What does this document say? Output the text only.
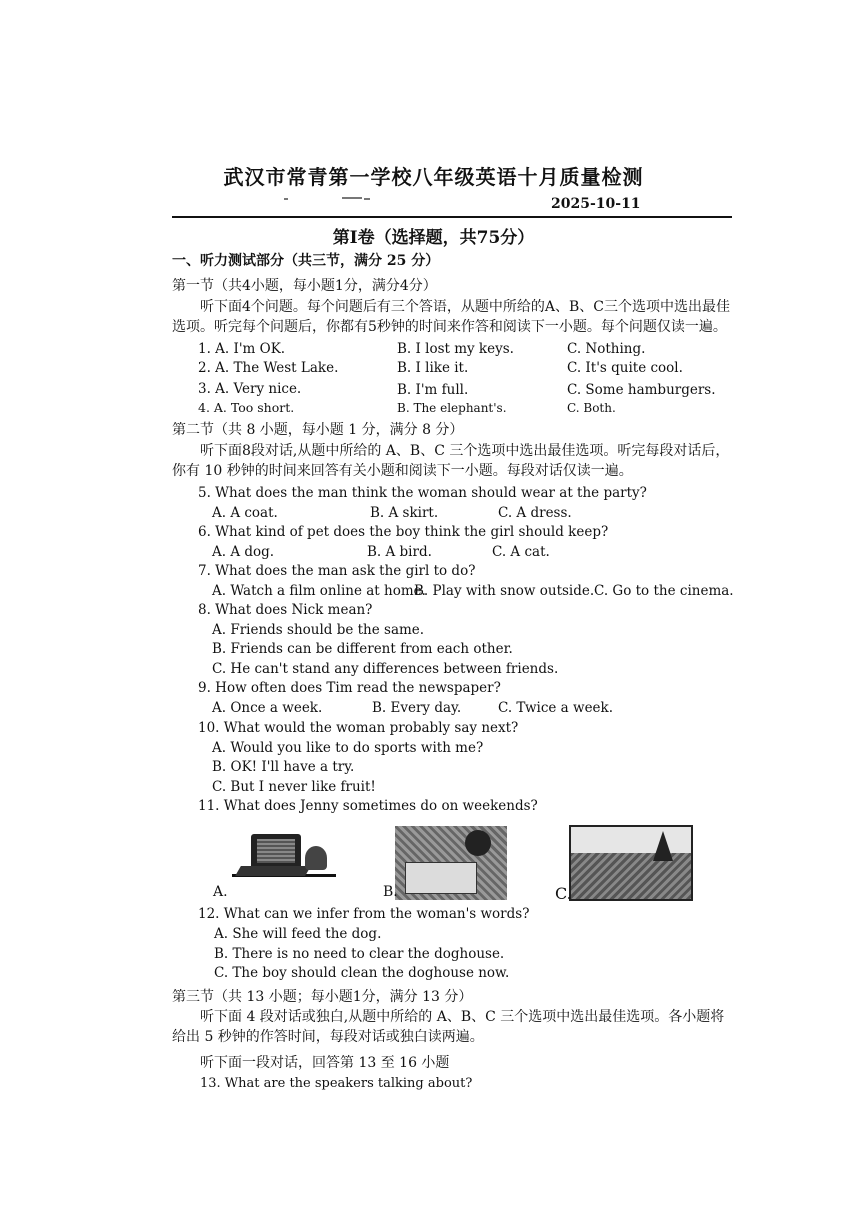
武汉市常青第一学校八年级英语十月质量检测
2025-10-11
第Ⅰ卷（选择题，共75分）
一、听力测试部分（共三节，满分 25 分）
第一节（共4小题，每小题1分，满分4分）
听下面4个问题。每个问题后有三个答语，从题中所给的A、B、C三个选项中选出最佳选项。听完每个问题后，你都有5秒钟的时间来作答和阅读下一小题。每个问题仅读一遍。
1. A. I'm OK.	B. I lost my keys.	C. Nothing.
2. A. The West Lake.	B. I like it.	C. It's quite cool.
3. A. Very nice.	B. I'm full.	C. Some hamburgers.
4. A. Too short.	B. The elephant's.	C. Both.
第二节（共 8 小题，每小题 1 分，满分 8 分）
听下面8段对话,从题中所给的 A、B、C 三个选项中选出最佳选项。听完每段对话后，你有 10 秒钟的时间来回答有关小题和阅读下一小题。每段对话仅读一遍。
5. What does the man think the woman should wear at the party?
A. A coat.	B. A skirt.	C. A dress.
6. What kind of pet does the boy think the girl should keep?
A. A dog.	B. A bird.	C. A cat.
7. What does the man ask the girl to do?
A. Watch a film online at home.
B. Play with snow outside. C. Go to the cinema.
8. What does Nick mean?
A. Friends should be the same.
B. Friends can be different from each other.
C. He can't stand any differences between friends.
9. How often does Tim read the newspaper?
A. Once a week.	B. Every day.	C. Twice a week.
10. What would the woman probably say next?
A. Would you like to do sports with me?
B. OK! I'll have a try.
C. But I never like fruit!
11. What does Jenny sometimes do on weekends?
A.	B.	C.
12. What can we infer from the woman's words?
A. She will feed the dog.
B. There is no need to clear the doghouse.
C. The boy should clean the doghouse now.
第三节（共 13 小题；每小题1分，满分 13 分）
听下面 4 段对话或独白,从题中所给的 A、B、C 三个选项中选出最佳选项。各小题将给出 5 秒钟的作答时间，每段对话或独白读两遍。
听下面一段对话，回答第 13 至 16 小题
13. What are the speakers talking about?
